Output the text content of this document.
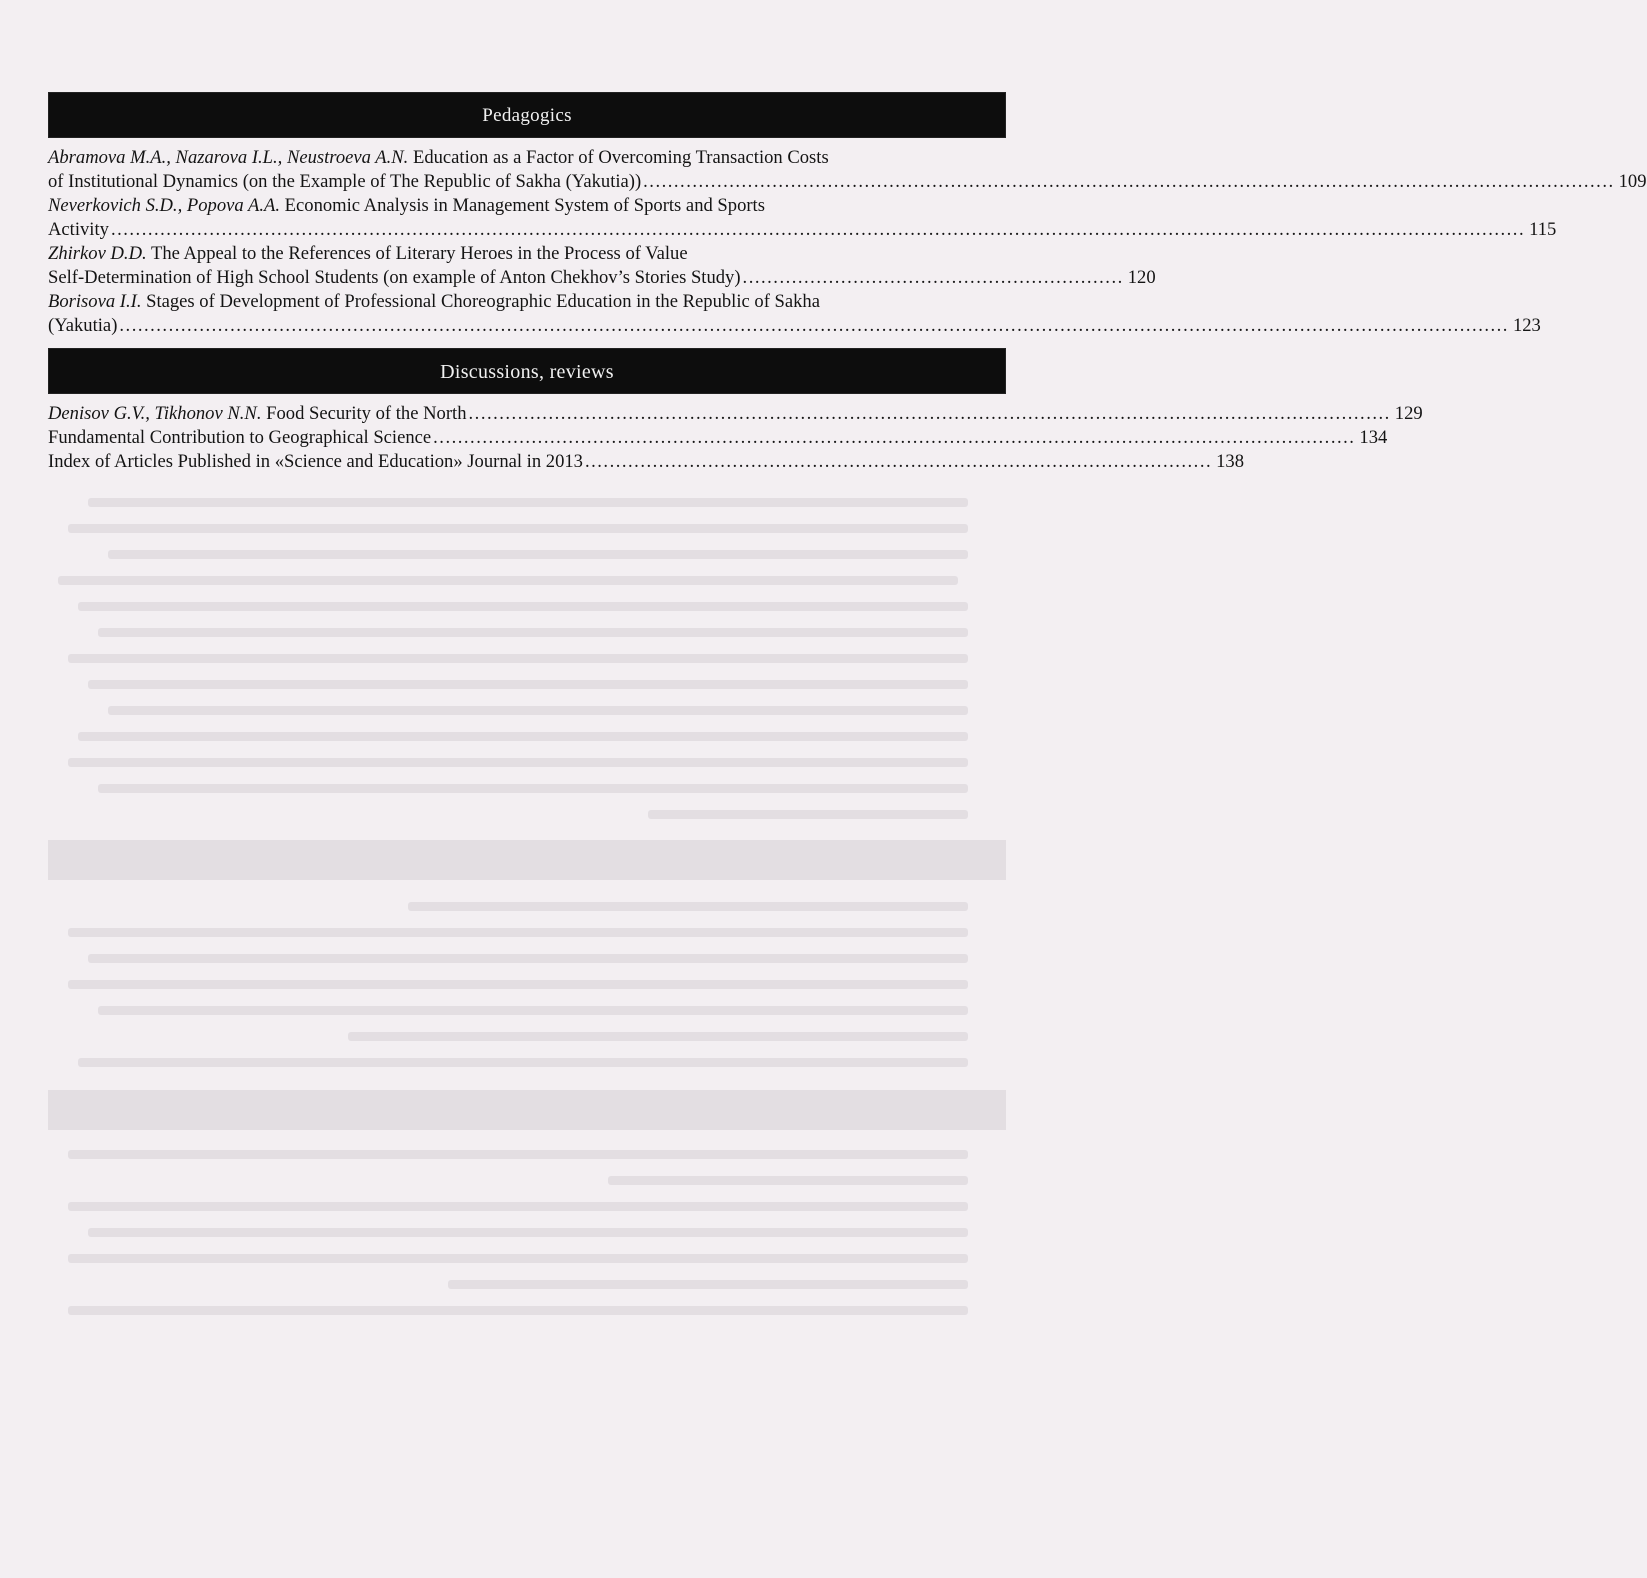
Pedagogics
Abramova M.A., Nazarova I.L., Neustroeva A.N. Education as a Factor of Overcoming Transaction Costs
of Institutional Dynamics (on the Example of The Republic of Sakha (Yakutia)) .............................................................................................................................................................. 109
Neverkovich S.D., Popova A.A. Economic Analysis in Management System of Sports and Sports
Activity ...................................................................................................................................................................................................................................... 115
Zhirkov D.D. The Appeal to the References of Literary Heroes in the Process of Value
Self-Determination of High School Students (on example of Anton Chekhov’s Stories Study) .............................................................. 120
Borisova I.I. Stages of Development of Professional Choreographic Education in the Republic of Sakha
(Yakutia) .................................................................................................................................................................................................................................. 123
Discussions, reviews
Denisov G.V., Tikhonov N.N. Food Security of the North ...................................................................................................................................................... 129
Fundamental Contribution to Geographical Science ...................................................................................................................................................... 134
Index of Articles Published in «Science and Education» Journal in 2013 ...................................................................................................... 138
